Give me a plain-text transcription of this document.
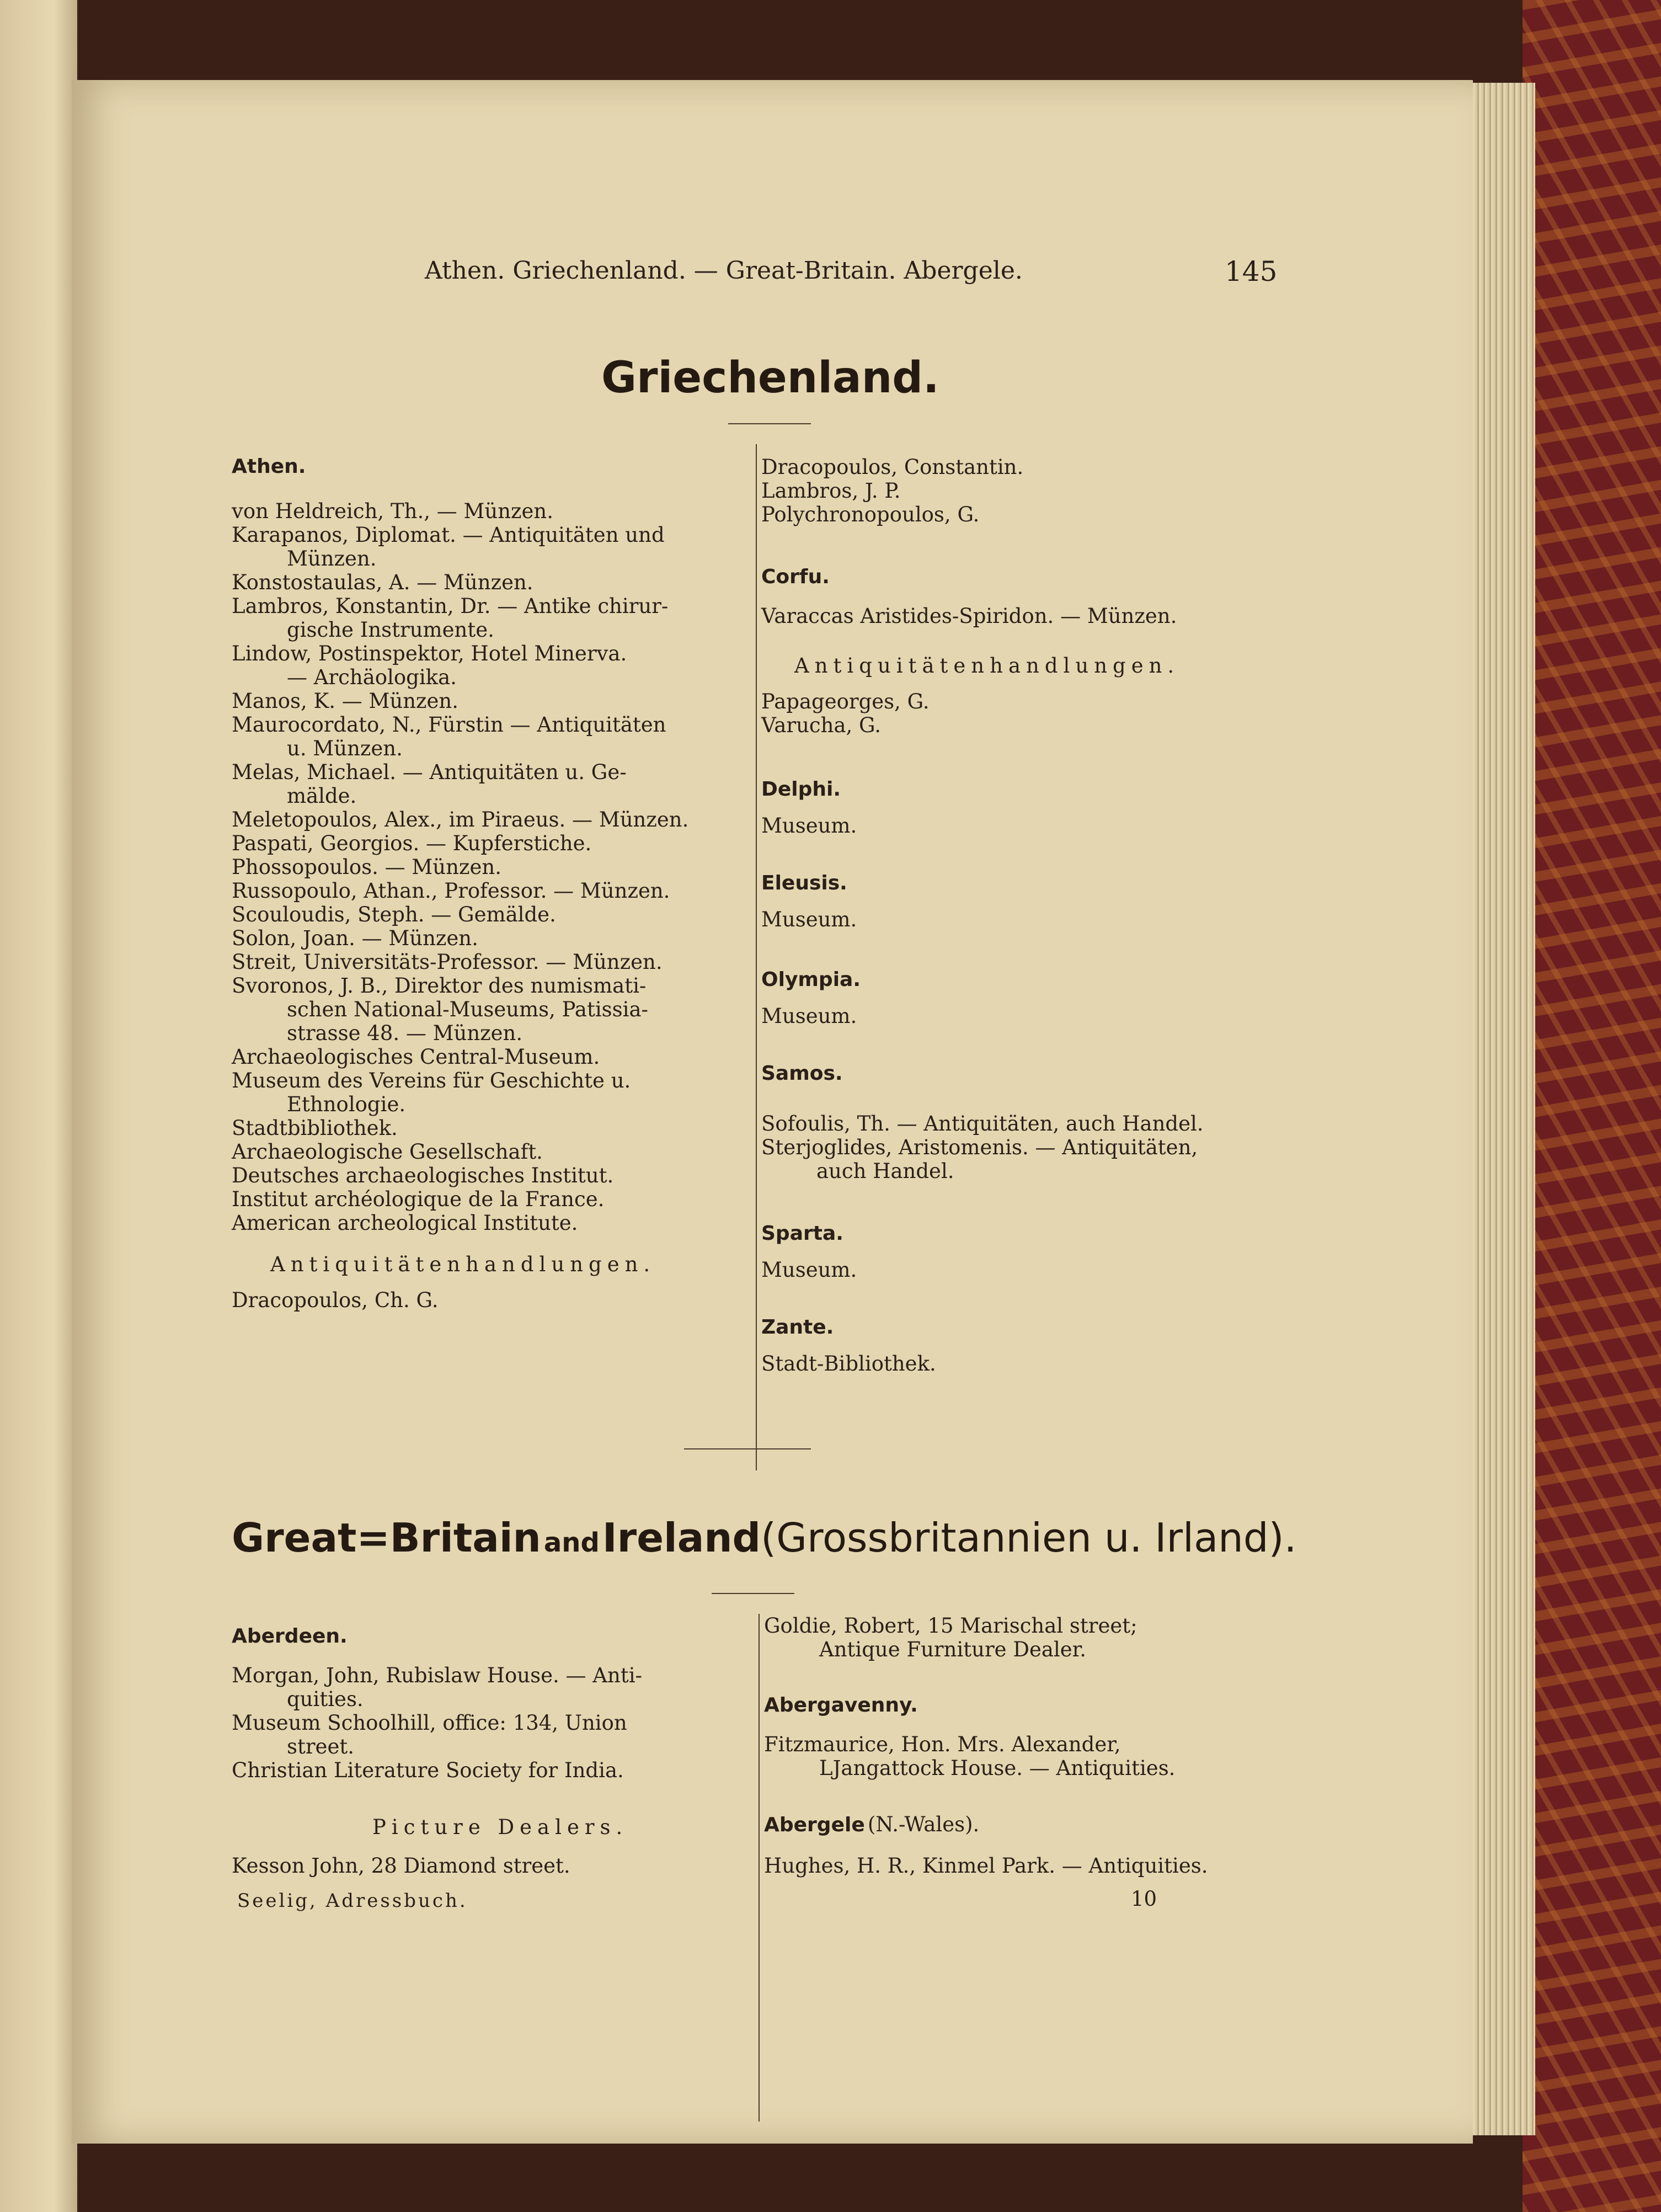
Athen. Griechenland. — Great-Britain. Abergele.	145
Griechenland.
Athen.
von Heldreich, Th., — Münzen.
Karapanos, Diplomat. — Antiquitäten und
Münzen.
Konstostaulas, A. — Münzen.
Lambros, Konstantin, Dr. — Antike chirur-
gische Instrumente.
Lindow, Postinspektor, Hotel Minerva.
— Archäologika.
Manos, K. — Münzen.
Maurocordato, N., Fürstin — Antiquitäten
u. Münzen.
Melas, Michael. — Antiquitäten u. Ge-
mälde.
Meletopoulos, Alex., im Piraeus. — Münzen.
Paspati, Georgios. — Kupferstiche.
Phossopoulos. — Münzen.
Russopoulo, Athan., Professor. — Münzen.
Scouloudis, Steph. — Gemälde.
Solon, Joan. — Münzen.
Streit, Universitäts-Professor. — Münzen.
Svoronos, J. B., Direktor des numismati-
schen National-Museums, Patissia-
strasse 48. — Münzen.
Archaeologisches Central-Museum.
Museum des Vereins für Geschichte u.
Ethnologie.
Stadtbibliothek.
Archaeologische Gesellschaft.
Deutsches archaeologisches Institut.
Institut archéologique de la France.
American archeological Institute.
Antiquitätenhandlungen.
Dracopoulos, Ch. G.
Dracopoulos, Constantin.
Lambros, J. P.
Polychronopoulos, G.
Corfu.
Varaccas Aristides-Spiridon. — Münzen.
Antiquitätenhandlungen.
Papageorges, G.
Varucha, G.
Delphi.
Museum.
Eleusis.
Museum.
Olympia.
Museum.
Samos.
Sofoulis, Th. — Antiquitäten, auch Handel.
Sterjoglides, Aristomenis. — Antiquitäten,
auch Handel.
Sparta.
Museum.
Zante.
Stadt-Bibliothek.
Great=Britain and Ireland(Grossbritannien u. Irland).
Aberdeen.
Morgan, John, Rubislaw House. — Anti-
quities.
Museum Schoolhill, office: 134, Union
street.
Christian Literature Society for India.
Picture Dealers.
Kesson John, 28 Diamond street.
Goldie, Robert, 15 Marischal street;
Antique Furniture Dealer.
Abergavenny.
Fitzmaurice, Hon. Mrs. Alexander,
LJangattock House. — Antiquities.
Abergele (N.-Wales).
Hughes, H. R., Kinmel Park. — Antiquities.
Seelig, Adressbuch.	10
